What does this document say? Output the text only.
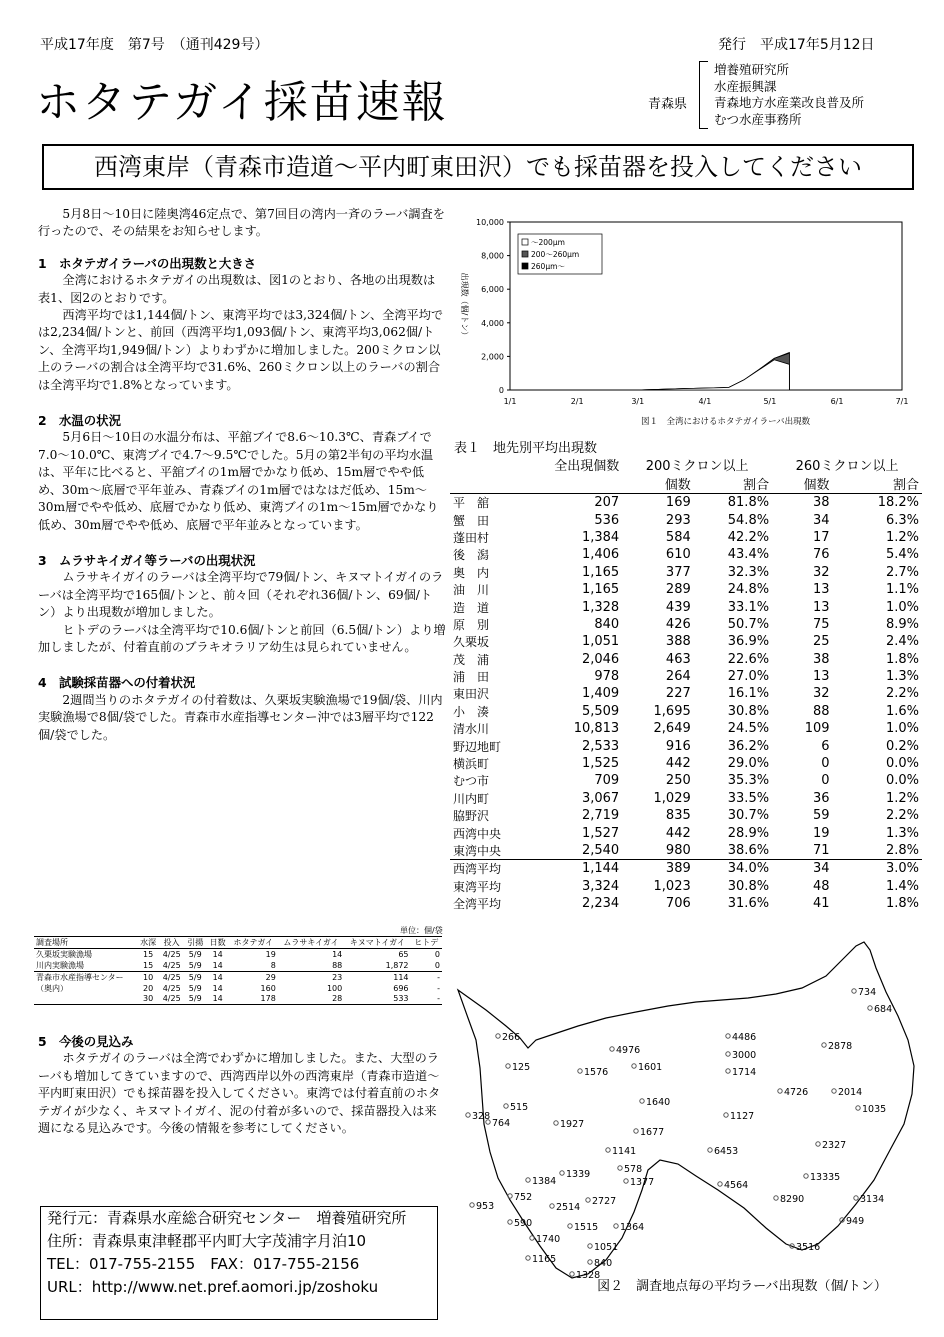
平成17年度　第7号　（通刊429号）	発行　平成17年5月12日
ホタテガイ採苗速報	青森県
増養殖研究所
水産振興課
青森地方水産業改良普及所
むつ水産事務所
西湾東岸（青森市造道～平内町東田沢）でも採苗器を投入してください

5月8日～10日に陸奥湾46定点で、第7回目の湾内一斉のラーバ調査を行ったので、その結果をお知らせします。

1　ホタテガイラーバの出現数と大きさ

全湾におけるホタテガイの出現数は、図1のとおり、各地の出現数は表1、図2のとおりです。

西湾平均では1,144個/トン、東湾平均では3,324個/トン、全湾平均では2,234個/トンと、前回（西湾平均1,093個/トン、東湾平均3,062個/トン、全湾平均1,949個/トン）よりわずかに増加しました。200ミクロン以上のラーバの割合は全湾平均で31.6%、260ミクロン以上のラーバの割合は全湾平均で1.8%となっています。

2　水温の状況

5月6日～10日の水温分布は、平舘ブイで8.6～10.3℃、青森ブイで7.0～10.0℃、東湾ブイで4.7～9.5℃でした。5月の第2半旬の平均水温は、平年に比べると、平舘ブイの1m層でかなり低め、15m層でやや低め、30m～底層で平年並み、青森ブイの1m層ではなはだ低め、15m～30m層でやや低め、底層でかなり低め、東湾ブイの1m～15m層でかなり低め、30m層でやや低め、底層で平年並みとなっています。

3　ムラサキイガイ等ラーバの出現状況

ムラサキイガイのラーバは全湾平均で79個/トン、キヌマトイガイのラーバは全湾平均で165個/トンと、前々回（それぞれ36個/トン、69個/トン）より出現数が増加しました。

ヒトデのラーバは全湾平均で10.6個/トンと前回（6.5個/トン）より増加しましたが、付着直前のブラキオラリア幼生は見られていません。

4　試験採苗器への付着状況

2週間当りのホタテガイの付着数は、久栗坂実験漁場で19個/袋、川内実験漁場で8個/袋でした。青森市水産指導センター沖では3層平均で122個/袋でした。

単位：個/袋
調査場所	水深	投入	引揚	日数	ホタテガイ	ムラサキイガイ	キヌマトイガイ	ヒトデ
久栗坂実験漁場	15	4/25	5/9	14	19	14	65	0
川内実験漁場	15	4/25	5/9	14	8	88	1,872	0
青森市水産指導センター	10	4/25	5/9	14	29	23	114	-
（奥内）	20	4/25	5/9	14	160	100	696	-
	30	4/25	5/9	14	178	28	533	-
5　今後の見込み

ホタテガイのラーバは全湾でわずかに増加しました。また、大型のラーバも増加してきていますので、西湾西岸以外の西湾東岸（青森市造道～平内町東田沢）でも採苗器を投入してください。東湾では付着直前のホタテガイが少なく、キヌマトイガイ、泥の付着が多いので、採苗器投入は来週になる見込みです。今後の情報を参考にしてください。

発行元：青森県水産総合研究センター　増養殖研究所
住所：青森県東津軽郡平内町大字茂浦字月泊10
TEL：017-755-2155　FAX：017-755-2156
URL：http://www.net.pref.aomori.jp/zoshoku
0
2,000
4,000
6,000
8,000
10,000
1/1	2/1	3/1	4/1	5/1	6/1	7/1
出現数（個/トン）
図１　全湾におけるホタテガイラーバ出現数
～200μm
200～260μm
260μm～
表１　地先別平均出現数
	全出現個数	200ミクロン以上		260ミクロン以上	
		個数	割合	個数	割合
平　舘	207	169	81.8%	38	18.2%
蟹　田	536	293	54.8%	34	6.3%
蓬田村	1,384	584	42.2%	17	1.2%
後　潟	1,406	610	43.4%	76	5.4%
奥　内	1,165	377	32.3%	32	2.7%
油　川	1,165	289	24.8%	13	1.1%
造　道	1,328	439	33.1%	13	1.0%
原　別	840	426	50.7%	75	8.9%
久栗坂	1,051	388	36.9%	25	2.4%
茂　浦	2,046	463	22.6%	38	1.8%
浦　田	978	264	27.0%	13	1.3%
東田沢	1,409	227	16.1%	32	2.2%
小　湊	5,509	1,695	30.8%	88	1.6%
清水川	10,813	2,649	24.5%	109	1.0%
野辺地町	2,533	916	36.2%	6	0.2%
横浜町	1,525	442	29.0%	0	0.0%
むつ市	709	250	35.3%	0	0.0%
川内町	3,067	1,029	33.5%	36	1.2%
脇野沢	2,719	835	30.7%	59	2.2%
西湾中央	1,527	442	28.9%	19	1.3%
東湾中央	2,540	980	38.6%	71	2.8%
西湾平均	1,144	389	34.0%	34	3.0%
東湾平均	3,324	1,023	30.8%	48	1.4%
全湾平均	2,234	706	31.6%	41	1.8%
734
684
266	4486
2878
4976	3000
125	1576	1601	1714
4726	2014
515	1640
1035
328
764	1927
1127
1677
2327
1141	6453
578
1339	13335
1384	1377	4564
8290	3134
752	2727
953	2514
949
590	1515 1364
1740
1051	3516
1165	840
1328
図２　調査地点毎の平均ラーバ出現数（個/トン）
